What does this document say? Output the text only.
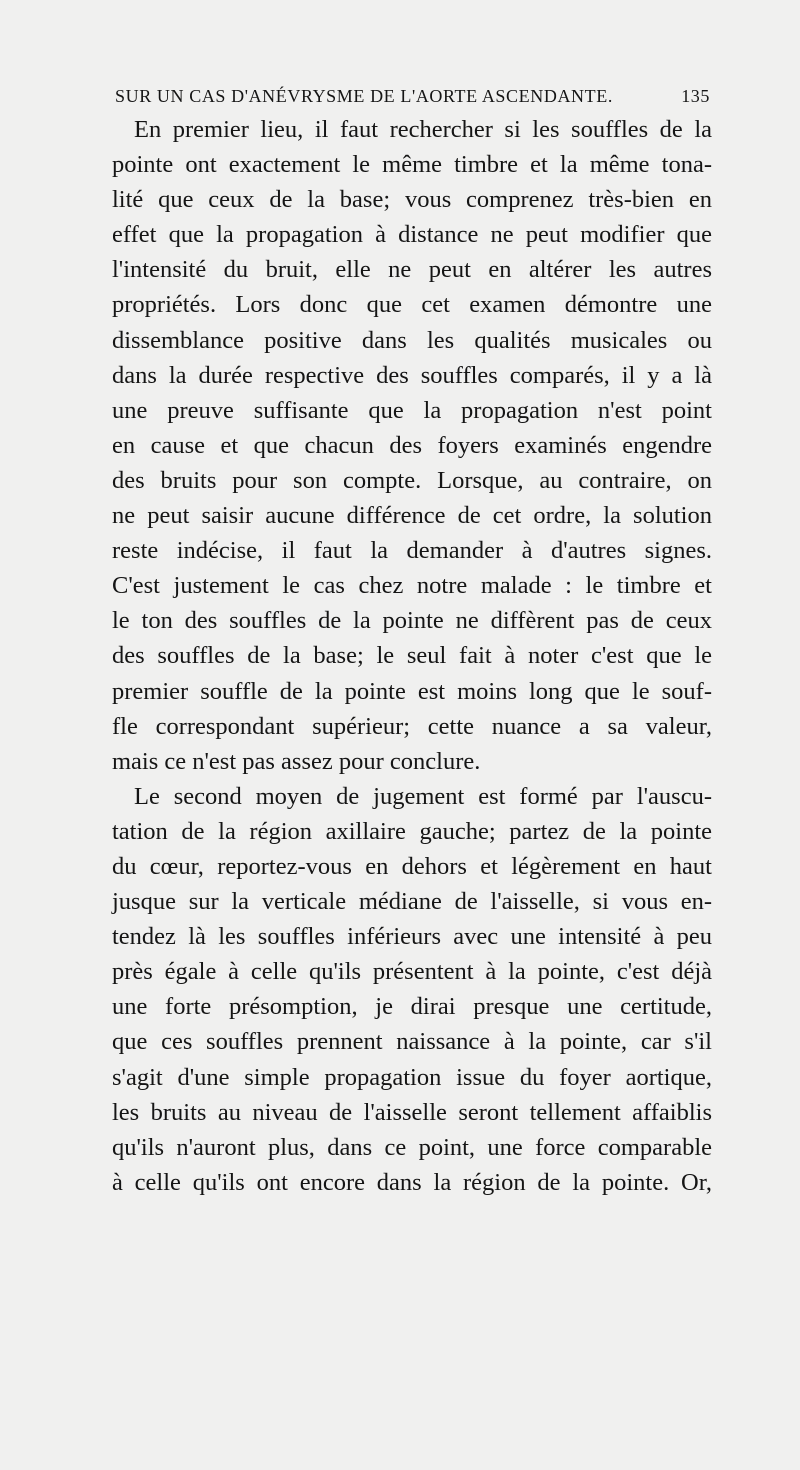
SUR UN CAS D'ANÉVRYSME DE L'AORTE ASCENDANTE.	135
En premier lieu, il faut rechercher si les souffles de la
pointe ont exactement le même timbre et la même tona-
lité que ceux de la base; vous comprenez très-bien en
effet que la propagation à distance ne peut modifier que
l'intensité du bruit, elle ne peut en altérer les autres
propriétés. Lors donc que cet examen démontre une
dissemblance positive dans les qualités musicales ou
dans la durée respective des souffles comparés, il y a là
une preuve suffisante que la propagation n'est point
en cause et que chacun des foyers examinés engendre
des bruits pour son compte. Lorsque, au contraire, on
ne peut saisir aucune différence de cet ordre, la solution
reste indécise, il faut la demander à d'autres signes.
C'est justement le cas chez notre malade : le timbre et
le ton des souffles de la pointe ne diffèrent pas de ceux
des souffles de la base; le seul fait à noter c'est que le
premier souffle de la pointe est moins long que le souf-
fle correspondant supérieur; cette nuance a sa valeur,
mais ce n'est pas assez pour conclure.
Le second moyen de jugement est formé par l'auscu-
tation de la région axillaire gauche; partez de la pointe
du cœur, reportez-vous en dehors et légèrement en haut
jusque sur la verticale médiane de l'aisselle, si vous en-
tendez là les souffles inférieurs avec une intensité à peu
près égale à celle qu'ils présentent à la pointe, c'est déjà
une forte présomption, je dirai presque une certitude,
que ces souffles prennent naissance à la pointe, car s'il
s'agit d'une simple propagation issue du foyer aortique,
les bruits au niveau de l'aisselle seront tellement affaiblis
qu'ils n'auront plus, dans ce point, une force comparable
à celle qu'ils ont encore dans la région de la pointe. Or,
